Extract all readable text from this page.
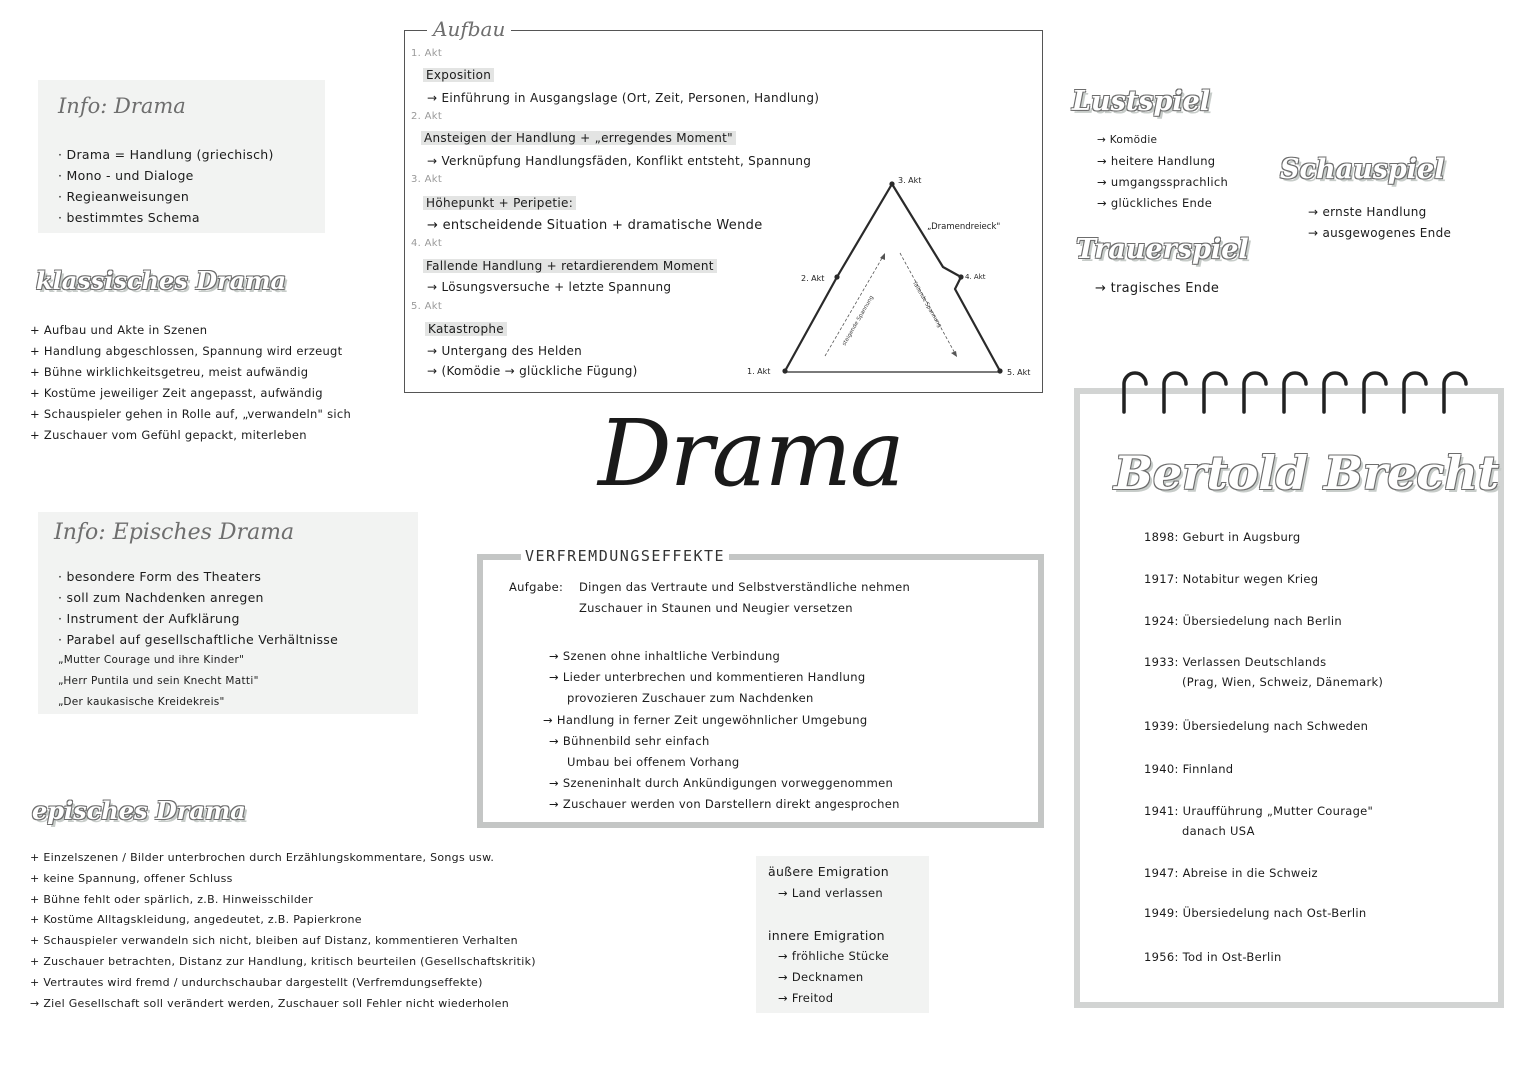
Info: Drama
· Drama = Handlung (griechisch)
· Mono - und Dialoge
· Regieanweisungen
· bestimmtes Schema
klassisches Drama
+ Aufbau und Akte in Szenen
+ Handlung abgeschlossen, Spannung wird erzeugt
+ Bühne wirklichkeitsgetreu, meist aufwändig
+ Kostüme jeweiliger Zeit angepasst, aufwändig
+ Schauspieler gehen in Rolle auf, „verwandeln" sich
+ Zuschauer vom Gefühl gepackt, miterleben
Info: Episches Drama
· besondere Form des Theaters
· soll zum Nachdenken anregen
· Instrument der Aufklärung
· Parabel auf gesellschaftliche Verhältnisse
„Mutter Courage und ihre Kinder"
„Herr Puntila und sein Knecht Matti"
„Der kaukasische Kreidekreis"
episches Drama
+ Einzelszenen / Bilder unterbrochen durch Erzählungskommentare, Songs usw.
+ keine Spannung, offener Schluss
+ Bühne fehlt oder spärlich, z.B. Hinweisschilder
+ Kostüme Alltagskleidung, angedeutet, z.B. Papierkrone
+ Schauspieler verwandeln sich nicht, bleiben auf Distanz, kommentieren Verhalten
+ Zuschauer betrachten, Distanz zur Handlung, kritisch beurteilen (Gesellschaftskritik)
+ Vertrautes wird fremd / undurchschaubar dargestellt (Verfremdungseffekte)
→ Ziel Gesellschaft soll verändert werden, Zuschauer soll Fehler nicht wiederholen
Aufbau
1. Akt
Exposition
→ Einführung in Ausgangslage (Ort, Zeit, Personen, Handlung)
2. Akt
Ansteigen der Handlung + „erregendes Moment"
→ Verknüpfung Handlungsfäden, Konflikt entsteht, Spannung
3. Akt
Höhepunkt + Peripetie:
→ entscheidende Situation + dramatische Wende
4. Akt
Fallende Handlung + retardierendem Moment
→ Lösungsversuche + letzte Spannung
5. Akt
Katastrophe
→ Untergang des Helden
→ (Komödie → glückliche Fügung)
steigende Spannung	fallende Spannung
1. Akt
2. Akt
3. Akt
4. Akt
5. Akt
„Dramendreieck"
Drama
VERFREMDUNGSEFFEKTE
Aufgabe: Dingen das Vertraute und Selbstverständliche nehmen
Zuschauer in Staunen und Neugier versetzen
→ Szenen ohne inhaltliche Verbindung
→ Lieder unterbrechen und kommentieren Handlung
provozieren Zuschauer zum Nachdenken
→ Handlung in ferner Zeit ungewöhnlicher Umgebung
→ Bühnenbild sehr einfach
Umbau bei offenem Vorhang
→ Szeneninhalt durch Ankündigungen vorweggenommen
→ Zuschauer werden von Darstellern direkt angesprochen
äußere Emigration
→ Land verlassen
innere Emigration
→ fröhliche Stücke
→ Decknamen
→ Freitod
Lustspiel
→ Komödie
→ heitere Handlung
→ umgangssprachlich
→ glückliches Ende
Trauerspiel
→ tragisches Ende
Schauspiel
→ ernste Handlung
→ ausgewogenes Ende
Bertold Brecht
1898: Geburt in Augsburg
1917: Notabitur wegen Krieg
1924: Übersiedelung nach Berlin
1933: Verlassen Deutschlands
(Prag, Wien, Schweiz, Dänemark)
1939: Übersiedelung nach Schweden
1940: Finnland
1941: Uraufführung „Mutter Courage"
danach USA
1947: Abreise in die Schweiz
1949: Übersiedelung nach Ost-Berlin
1956: Tod in Ost-Berlin
